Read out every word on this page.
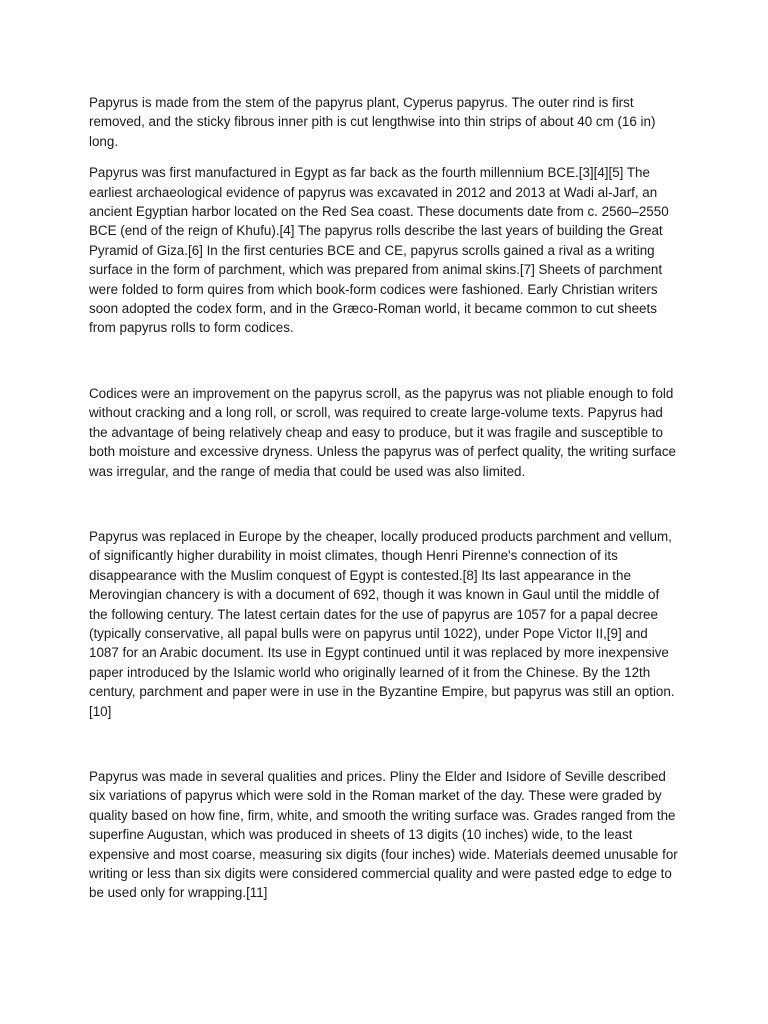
Papyrus is made from the stem of the papyrus plant, Cyperus papyrus. The outer rind is first removed, and the sticky fibrous inner pith is cut lengthwise into thin strips of about 40 cm (16 in) long.

Papyrus was first manufactured in Egypt as far back as the fourth millennium BCE.[3][4][5] The earliest archaeological evidence of papyrus was excavated in 2012 and 2013 at Wadi al-Jarf, an ancient Egyptian harbor located on the Red Sea coast. These documents date from c. 2560–2550 BCE (end of the reign of Khufu).[4] The papyrus rolls describe the last years of building the Great Pyramid of Giza.[6] In the first centuries BCE and CE, papyrus scrolls gained a rival as a writing surface in the form of parchment, which was prepared from animal skins.[7] Sheets of parchment were folded to form quires from which book-form codices were fashioned. Early Christian writers soon adopted the codex form, and in the Græco-Roman world, it became common to cut sheets from papyrus rolls to form codices.

Codices were an improvement on the papyrus scroll, as the papyrus was not pliable enough to fold without cracking and a long roll, or scroll, was required to create large-volume texts. Papyrus had the advantage of being relatively cheap and easy to produce, but it was fragile and susceptible to both moisture and excessive dryness. Unless the papyrus was of perfect quality, the writing surface was irregular, and the range of media that could be used was also limited.

Papyrus was replaced in Europe by the cheaper, locally produced products parchment and vellum, of significantly higher durability in moist climates, though Henri Pirenne's connection of its disappearance with the Muslim conquest of Egypt is contested.[8] Its last appearance in the Merovingian chancery is with a document of 692, though it was known in Gaul until the middle of the following century. The latest certain dates for the use of papyrus are 1057 for a papal decree (typically conservative, all papal bulls were on papyrus until 1022), under Pope Victor II,[9] and 1087 for an Arabic document. Its use in Egypt continued until it was replaced by more inexpensive paper introduced by the Islamic world who originally learned of it from the Chinese. By the 12th century, parchment and paper were in use in the Byzantine Empire, but papyrus was still an option.[10]

Papyrus was made in several qualities and prices. Pliny the Elder and Isidore of Seville described six variations of papyrus which were sold in the Roman market of the day. These were graded by quality based on how fine, firm, white, and smooth the writing surface was. Grades ranged from the superfine Augustan, which was produced in sheets of 13 digits (10 inches) wide, to the least expensive and most coarse, measuring six digits (four inches) wide. Materials deemed unusable for writing or less than six digits were considered commercial quality and were pasted edge to edge to be used only for wrapping.[11]
